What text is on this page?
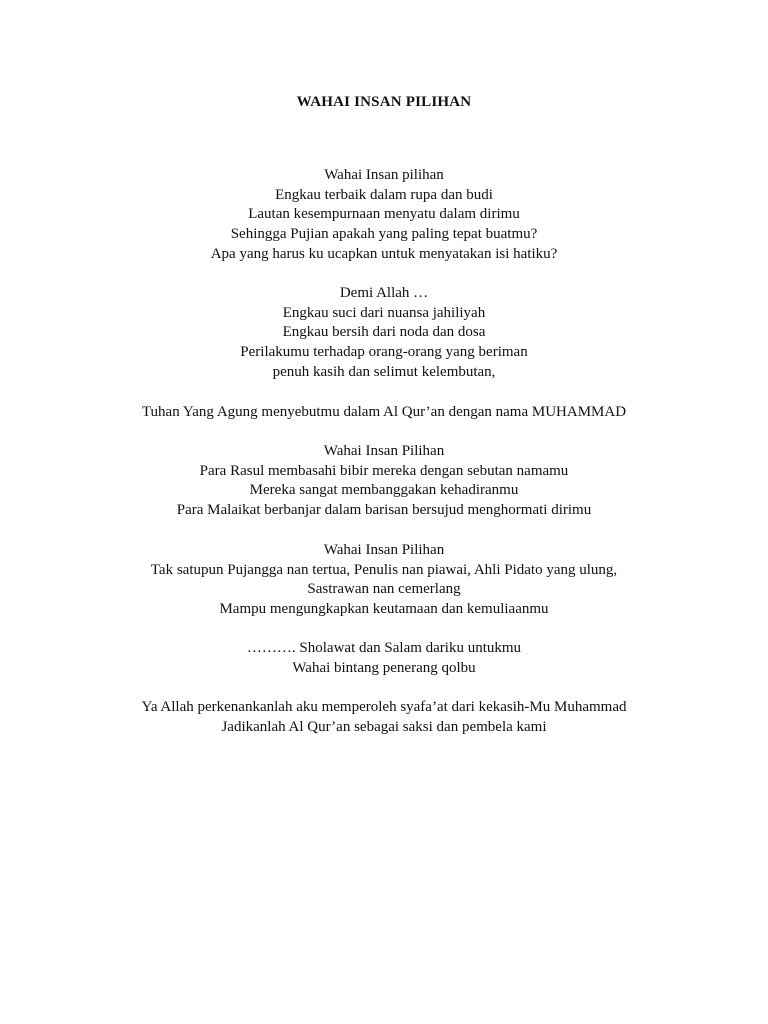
WAHAI INSAN PILIHAN
Wahai Insan pilihan
Engkau terbaik dalam rupa dan budi
Lautan kesempurnaan menyatu dalam dirimu
Sehingga Pujian apakah yang paling tepat buatmu?
Apa yang harus ku ucapkan untuk menyatakan isi hatiku?
Demi Allah …
Engkau suci dari nuansa jahiliyah
Engkau bersih dari noda dan dosa
Perilakumu terhadap orang-orang yang beriman
penuh kasih dan selimut kelembutan,
Tuhan Yang Agung menyebutmu dalam Al Qur’an dengan nama MUHAMMAD
Wahai Insan Pilihan
Para Rasul membasahi bibir mereka dengan sebutan namamu
Mereka sangat membanggakan kehadiranmu
Para Malaikat berbanjar dalam barisan bersujud menghormati dirimu
Wahai Insan Pilihan
Tak satupun Pujangga nan tertua, Penulis nan piawai, Ahli Pidato yang ulung,
Sastrawan nan cemerlang
Mampu mengungkapkan keutamaan dan kemuliaanmu
………. Sholawat dan Salam dariku untukmu
Wahai bintang penerang qolbu
Ya Allah perkenankanlah aku memperoleh syafa’at dari kekasih-Mu Muhammad
Jadikanlah Al Qur’an sebagai saksi dan pembela kami
